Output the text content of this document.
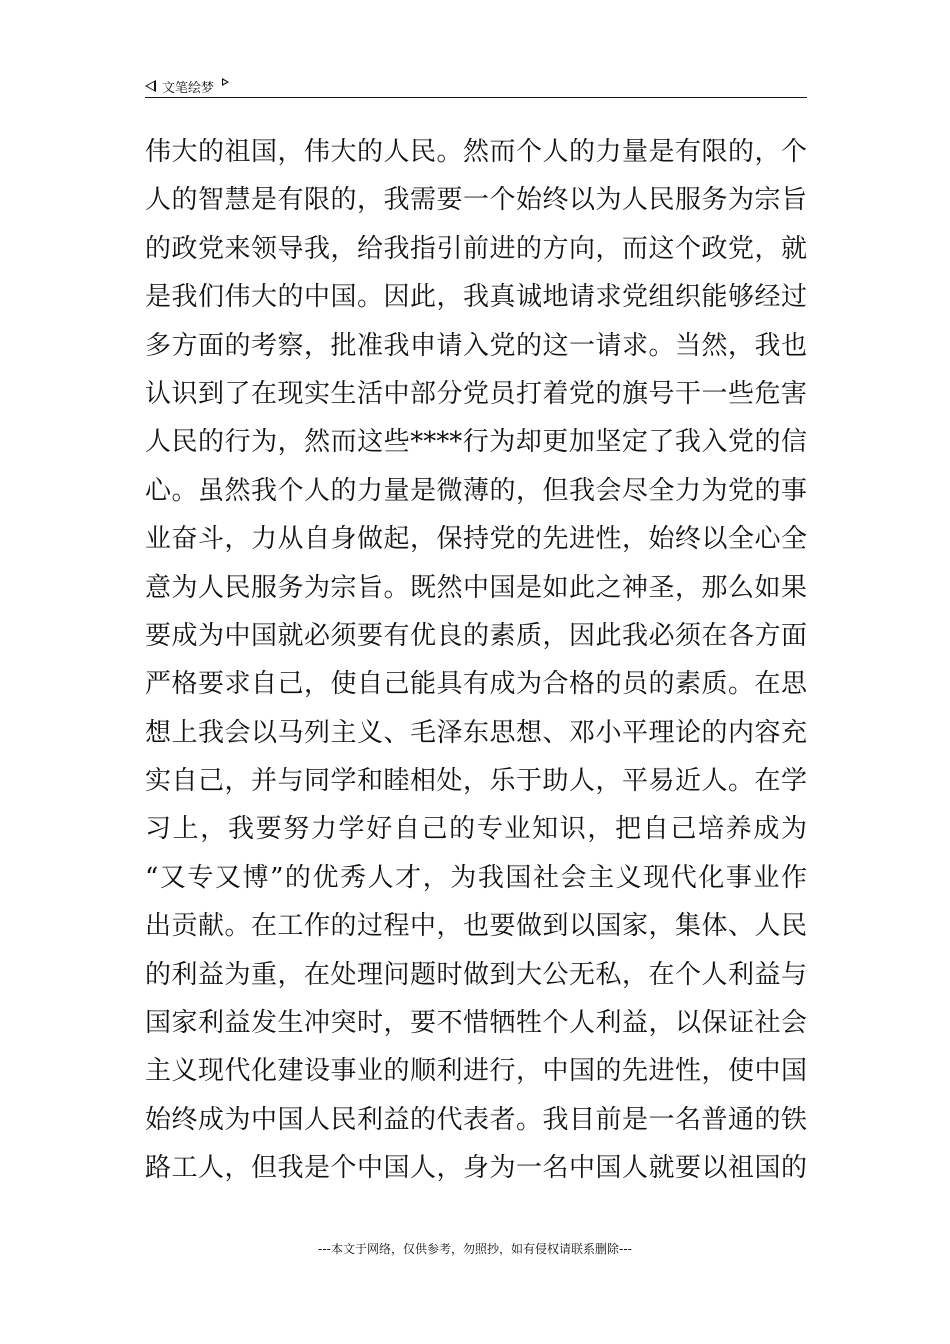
文笔绘梦
伟大的祖国，伟大的人民。然而个人的力量是有限的，个
人的智慧是有限的，我需要一个始终以为人民服务为宗旨
的政党来领导我，给我指引前进的方向，而这个政党，就
是我们伟大的中国。因此，我真诚地请求党组织能够经过
多方面的考察，批准我申请入党的这一请求。当然，我也
认识到了在现实生活中部分党员打着党的旗号干一些危害
人民的行为，然而这些****行为却更加坚定了我入党的信
心。虽然我个人的力量是微薄的，但我会尽全力为党的事
业奋斗，力从自身做起，保持党的先进性，始终以全心全
意为人民服务为宗旨。既然中国是如此之神圣，那么如果
要成为中国就必须要有优良的素质，因此我必须在各方面
严格要求自己，使自己能具有成为合格的员的素质。在思
想上我会以马列主义、毛泽东思想、邓小平理论的内容充
实自己，并与同学和睦相处，乐于助人，平易近人。在学
习上，我要努力学好自己的专业知识，把自己培养成为
“又专又博”的优秀人才，为我国社会主义现代化事业作
出贡献。在工作的过程中，也要做到以国家，集体、人民
的利益为重，在处理问题时做到大公无私，在个人利益与
国家利益发生冲突时，要不惜牺牲个人利益，以保证社会
主义现代化建设事业的顺利进行，中国的先进性，使中国
始终成为中国人民利益的代表者。我目前是一名普通的铁
路工人，但我是个中国人，身为一名中国人就要以祖国的
---本文于网络，仅供参考，勿照抄，如有侵权请联系删除---
